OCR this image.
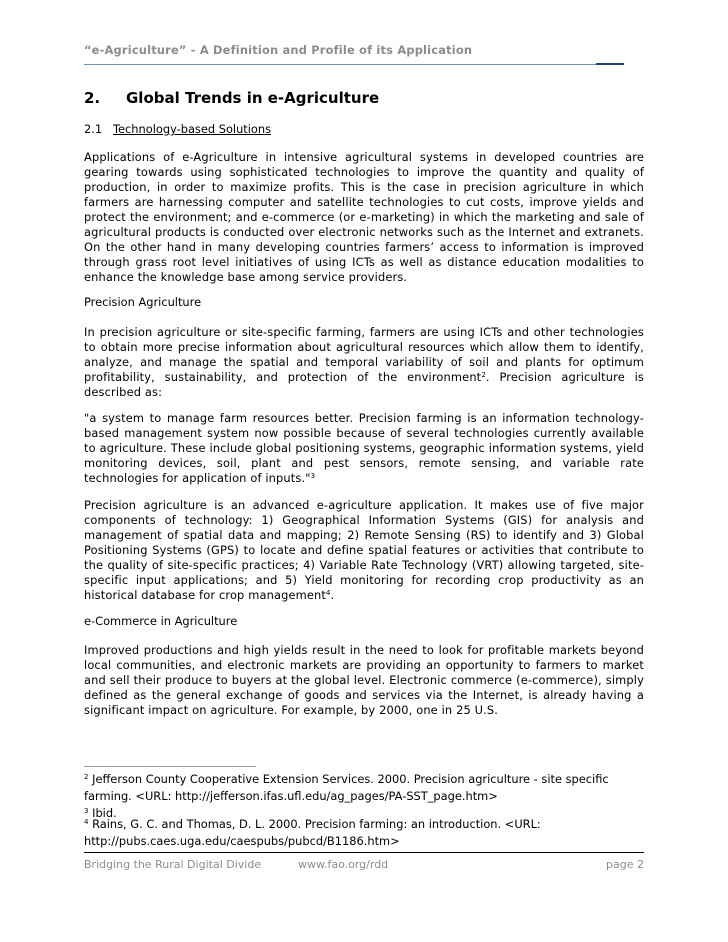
“e-Agriculture” - A Definition and Profile of its Application
2. Global Trends in e-Agriculture
2.1 Technology-based Solutions

Applications of e-Agriculture in intensive agricultural systems in developed countries are gearing towards using sophisticated technologies to improve the quantity and quality of production, in order to maximize profits. This is the case in precision agriculture in which farmers are harnessing computer and satellite technologies to cut costs, improve yields and protect the environment; and e-commerce (or e-marketing) in which the marketing and sale of agricultural products is conducted over electronic networks such as the Internet and extranets. On the other hand in many developing countries farmers’ access to information is improved through grass root level initiatives of using ICTs as well as distance education modalities to enhance the knowledge base among service providers.

Precision Agriculture

In precision agriculture or site-specific farming, farmers are using ICTs and other technologies to obtain more precise information about agricultural resources which allow them to identify, analyze, and manage the spatial and temporal variability of soil and plants for optimum profitability, sustainability, and protection of the environment$^2$. Precision agriculture is described as:

"a system to manage farm resources better. Precision farming is an information technology-based management system now possible because of several technologies currently available to agriculture. These include global positioning systems, geographic information systems, yield monitoring devices, soil, plant and pest sensors, remote sensing, and variable rate technologies for application of inputs."$^3$

Precision agriculture is an advanced e-agriculture application. It makes use of five major components of technology: 1) Geographical Information Systems (GIS) for analysis and management of spatial data and mapping; 2) Remote Sensing (RS) to identify and 3) Global Positioning Systems (GPS) to locate and define spatial features or activities that contribute to the quality of site-specific practices; 4) Variable Rate Technology (VRT) allowing targeted, site-specific input applications; and 5) Yield monitoring for recording crop productivity as an historical database for crop management$^4$.

e-Commerce in Agriculture

Improved productions and high yields result in the need to look for profitable markets beyond local communities, and electronic markets are providing an opportunity to farmers to market and sell their produce to buyers at the global level. Electronic commerce (e-commerce), simply defined as the general exchange of goods and services via the Internet, is already having a significant impact on agriculture. For example, by 2000, one in 25 U.S.

$^2$ Jefferson County Cooperative Extension Services. 2000. Precision agriculture - site specific farming. <URL: http://jefferson.ifas.ufl.edu/ag_pages/PA-SST_page.htm>

$^3$ Ibid.

$^4$ Rains, G. C. and Thomas, D. L. 2000. Precision farming: an introduction. <URL: http://pubs.caes.uga.edu/caespubs/pubcd/B1186.htm>

Bridging the Rural Digital Divide	www.fao.org/rdd	page 2
